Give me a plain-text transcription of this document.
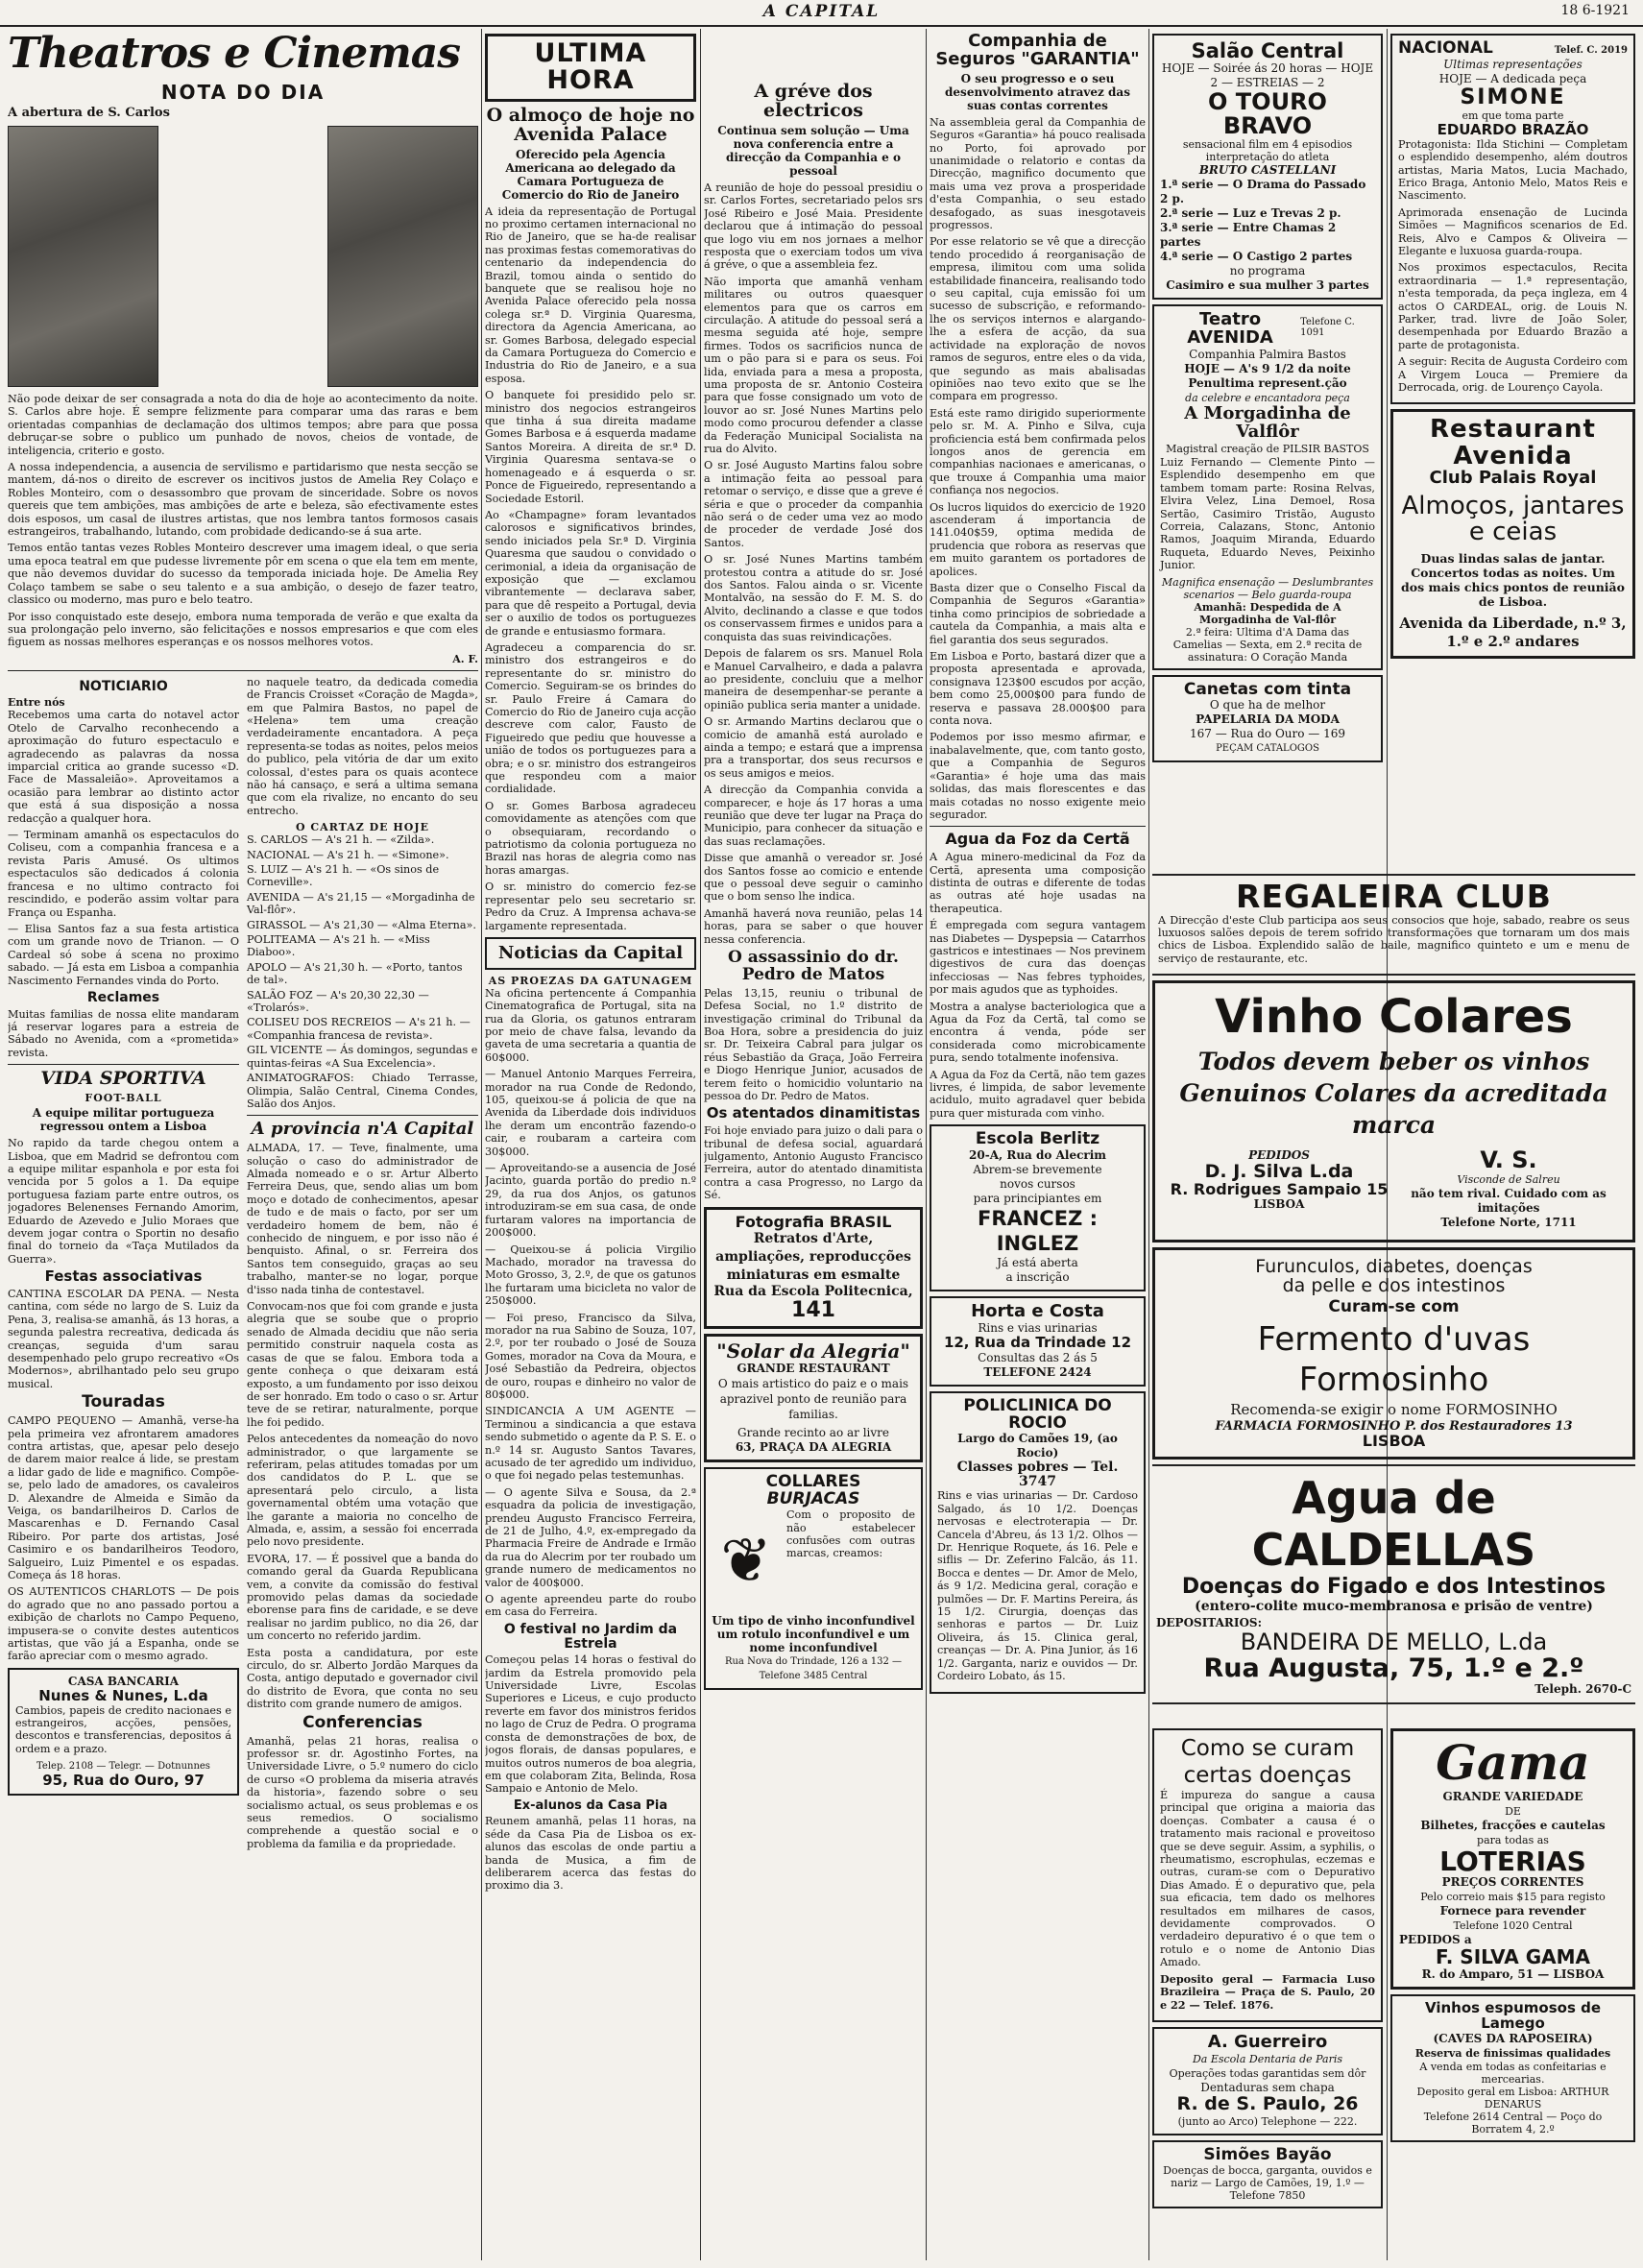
A CAPITAL	18 6-1921
Theatros e Cinemas
NOTA DO DIA
A abertura de S. Carlos

Não pode deixar de ser consagrada a nota do dia de hoje ao acontecimento da noite. S. Carlos abre hoje. É sempre felizmente para comparar uma das raras e bem orientadas companhias de declamação dos ultimos tempos; abre para que possa debruçar-se sobre o publico um punhado de novos, cheios de vontade, de inteligencia, criterio e gosto.

A nossa independencia, a ausencia de servilismo e partidarismo que nesta secção se mantem, dá-nos o direito de escrever os incitivos justos de Amelia Rey Colaço e Robles Monteiro, com o desassombro que provam de sinceridade. Sobre os novos quereis que tem ambições, mas ambições de arte e beleza, são efectivamente estes dois esposos, um casal de ilustres artistas, que nos lembra tantos formosos casais estrangeiros, trabalhando, lutando, com probidade dedicando-se á sua arte.

Temos então tantas vezes Robles Monteiro descrever uma imagem ideal, o que seria uma epoca teatral em que pudesse livremente pôr em scena o que ela tem em mente, que não devemos duvidar do sucesso da temporada iniciada hoje. De Amelia Rey Colaço tambem se sabe o seu talento e a sua ambição, o desejo de fazer teatro, classico ou moderno, mas puro e belo teatro.

Por isso conquistado este desejo, embora numa temporada de verão e que exalta da sua prolongação pelo inverno, são felicitações e nossos empresarios e que com eles figuem as nossas melhores esperanças e os nossos melhores votos.

A. F.
NOTICIARIO
Entre nós

Recebemos uma carta do notavel actor Otelo de Carvalho reconhecendo a aproximação do futuro espectaculo e agradecendo as palavras da nossa imparcial critica ao grande sucesso «D. Face de Massaleião». Aproveitamos a ocasião para lembrar ao distinto actor que está á sua disposição a nossa redacção a qualquer hora.

— Terminam amanhã os espectaculos do Coliseu, com a companhia francesa e a revista Paris Amusé. Os ultimos espectaculos são dedicados á colonia francesa e no ultimo contracto foi rescindido, e poderão assim voltar para França ou Espanha.

— Elisa Santos faz a sua festa artistica com um grande novo de Trianon. — O Cardeal só sobe á scena no proximo sabado. — Já esta em Lisboa a companhia Nascimento Fernandes vinda do Porto.

Reclames

Muitas familias de nossa elite mandaram já reservar logares para a estreia de Sábado no Avenida, com a «prometida» revista.

VIDA SPORTIVA
FOOT-BALL
A equipe militar portugueza regressou ontem a Lisboa

No rapido da tarde chegou ontem a Lisboa, que em Madrid se defrontou com a equipe militar espanhola e por esta foi vencida por 5 golos a 1. Da equipe portuguesa faziam parte entre outros, os jogadores Belenenses Fernando Amorim, Eduardo de Azevedo e Julio Moraes que devem jogar contra o Sportin no desafio final do torneio da «Taça Mutilados da Guerra».

Festas associativas

CANTINA ESCOLAR DA PENA. — Nesta cantina, com séde no largo de S. Luiz da Pena, 3, realisa-se amanhã, ás 13 horas, a segunda palestra recreativa, dedicada ás creanças, seguida d'um sarau desempenhado pelo grupo recreativo «Os Modernos», abrilhantado pelo seu grupo musical.

Touradas

CAMPO PEQUENO — Amanhã, verse-ha pela primeira vez afrontarem amadores contra artistas, que, apesar pelo desejo de darem maior realce á lide, se prestam a lidar gado de lide e magnifico. Compõe-se, pelo lado de amadores, os cavaleiros D. Alexandre de Almeida e Simão da Veiga, os bandarilheiros D. Carlos de Mascarenhas e D. Fernando Casal Ribeiro. Por parte dos artistas, José Casimiro e os bandarilheiros Teodoro, Salgueiro, Luiz Pimentel e os espadas. Começa ás 18 horas.

OS AUTENTICOS CHARLOTS — De pois do agrado que no ano passado portou a exibição de charlots no Campo Pequeno, impusera-se o convite destes autenticos artistas, que vão já a Espanha, onde se farão apreciar com o mesmo agrado.

CASA BANCARIA
Nunes & Nunes, L.da

Cambios, papeis de credito nacionaes e estrangeiros, acções, pensões, descontos e transferencias, depositos á ordem e a prazo.

Telep. 2108 — Telegr. — Dotnunnes
95, Rua do Ouro, 97

no naquele teatro, da dedicada comedia de Francis Croisset «Coração de Magda», em que Palmira Bastos, no papel de «Helena» tem uma creação verdadeiramente encantadora. A peça representa-se todas as noites, pelos meios do publico, pela vitória de dar um exito colossal, d'estes para os quais acontece não há cansaço, e será a ultima semana que com ela rivalize, no encanto do seu entrecho.

O CARTAZ DE HOJE
S. CARLOS — A's 21 h. — «Zilda».
NACIONAL — A's 21 h. — «Simone».
S. LUIZ — A's 21 h. — «Os sinos de Corneville».
AVENIDA — A's 21,15 — «Morgadinha de Val-flôr».
GIRASSOL — A's 21,30 — «Alma Eterna».
POLITEAMA — A's 21 h. — «Miss Diaboo».
APOLO — A's 21,30 h. — «Porto, tantos de tal».
SALÃO FOZ — A's 20,30 22,30 — «Trolarós».
COLISEU DOS RECREIOS — A's 21 h. — «Companhia francesa de revista».
GIL VICENTE — Ás domingos, segundas e quintas-feiras «A Sua Excelencia».

ANIMATOGRAFOS: Chiado Terrasse, Olimpia, Salão Central, Cinema Condes, Salão dos Anjos.

A provincia n'A Capital

ALMADA, 17. — Teve, finalmente, uma solução o caso do administrador de Almada nomeado e o sr. Artur Alberto Ferreira Deus, que, sendo alias um bom moço e dotado de conhecimentos, apesar de tudo e de mais o facto, por ser um verdadeiro homem de bem, não é conhecido de ninguem, e por isso não é benquisto. Afinal, o sr. Ferreira dos Santos tem conseguido, graças ao seu trabalho, manter-se no logar, porque d'isso nada tinha de contestavel.

Convocam-nos que foi com grande e justa alegria que se soube que o proprio senado de Almada decidiu que não seria permitido construir naquela costa as casas de que se falou. Embora toda a gente conheça o que deixaram está exposto, a um fundamento por isso deixou de ser honrado. Em todo o caso o sr. Artur teve de se retirar, naturalmente, porque lhe foi pedido.

Pelos antecedentes da nomeação do novo administrador, o que largamente se referiram, pelas atitudes tomadas por um dos candidatos do P. L. que se apresentará pelo circulo, a lista governamental obtém uma votação que lhe garante a maioria no concelho de Almada, e, assim, a sessão foi encerrada pelo novo presidente.

EVORA, 17. — É possivel que a banda do comando geral da Guarda Republicana vem, a convite da comissão do festival promovido pelas damas da sociedade eborense para fins de caridade, e se deve realisar no jardim publico, no dia 26, dar um concerto no referido jardim.

Esta posta a candidatura, por este circulo, do sr. Alberto Jordão Marques da Costa, antigo deputado e governador civil do distrito de Evora, que conta no seu distrito com grande numero de amigos.

Conferencias

Amanhã, pelas 21 horas, realisa o professor sr. dr. Agostinho Fortes, na Universidade Livre, o 5.º numero do ciclo de curso «O problema da miseria através da historia», fazendo sobre o seu socialismo actual, os seus problemas e os seus remedios. O socialismo comprehende a questão social e o problema da familia e da propriedade.

ULTIMA HORA
O almoço de hoje no Avenida Palace
Oferecido pela Agencia Americana ao delegado da Camara Portugueza de Comercio do Rio de Janeiro

A ideia da representação de Portugal no proximo certamen internacional no Rio de Janeiro, que se ha-de realisar nas proximas festas comemorativas do centenario da independencia do Brazil, tomou ainda o sentido do banquete que se realisou hoje no Avenida Palace oferecido pela nossa colega sr.ª D. Virginia Quaresma, directora da Agencia Americana, ao sr. Gomes Barbosa, delegado especial da Camara Portugueza do Comercio e Industria do Rio de Janeiro, e a sua esposa.

O banquete foi presidido pelo sr. ministro dos negocios estrangeiros que tinha á sua direita madame Gomes Barbosa e á esquerda madame Santos Moreira. A direita de sr.ª D. Virginia Quaresma sentava-se o homenageado e á esquerda o sr. Ponce de Figueiredo, representando a Sociedade Estoril.

Ao «Champagne» foram levantados calorosos e significativos brindes, sendo iniciados pela Sr.ª D. Virginia Quaresma que saudou o convidado o cerimonial, a ideia da organisação de exposição que — exclamou vibrantemente — declarava saber, para que dê respeito a Portugal, devia ser o auxilio de todos os portuguezes de grande e entusiasmo formara.

Agradeceu a comparencia do sr. ministro dos estrangeiros e do representante do sr. ministro do Comercio. Seguiram-se os brindes do sr. Paulo Freire á Camara do Comercio do Rio de Janeiro cuja acção descreve com calor, Fausto de Figueiredo que pediu que houvesse a união de todos os portuguezes para a obra; e o sr. ministro dos estrangeiros que respondeu com a maior cordialidade.

O sr. Gomes Barbosa agradeceu comovidamente as atenções com que o obsequiaram, recordando o patriotismo da colonia portugueza no Brazil nas horas de alegria como nas horas amargas.

O sr. ministro do comercio fez-se representar pelo seu secretario sr. Pedro da Cruz. A Imprensa achava-se largamente representada.

Noticias da Capital
AS PROEZAS DA GATUNAGEM

Na oficina pertencente á Companhia Cinematografica de Portugal, sita na rua da Gloria, os gatunos entraram por meio de chave falsa, levando da gaveta de uma secretaria a quantia de 60$000.

— Manuel Antonio Marques Ferreira, morador na rua Conde de Redondo, 105, queixou-se á policia de que na Avenida da Liberdade dois individuos lhe deram um encontrão fazendo-o cair, e roubaram a carteira com 30$000.

— Aproveitando-se a ausencia de José Jacinto, guarda portão do predio n.º 29, da rua dos Anjos, os gatunos introduziram-se em sua casa, de onde furtaram valores na importancia de 200$000.

— Queixou-se á policia Virgilio Machado, morador na travessa do Moto Grosso, 3, 2.º, de que os gatunos lhe furtaram uma bicicleta no valor de 250$000.

— Foi preso, Francisco da Silva, morador na rua Sabino de Souza, 107, 2.º, por ter roubado o José de Souza Gomes, morador na Cova da Moura, e José Sebastião da Pedreira, objectos de ouro, roupas e dinheiro no valor de 80$000.

SINDICANCIA A UM AGENTE — Terminou a sindicancia a que estava sendo submetido o agente da P. S. E. o n.º 14 sr. Augusto Santos Tavares, acusado de ter agredido um individuo, o que foi negado pelas testemunhas.

— O agente Silva e Sousa, da 2.ª esquadra da policia de investigação, prendeu Augusto Francisco Ferreira, de 21 de Julho, 4.º, ex-empregado da Pharmacia Freire de Andrade e Irmão da rua do Alecrim por ter roubado um grande numero de medicamentos no valor de 400$000.

O agente apreendeu parte do roubo em casa do Ferreira.

O festival no Jardim da Estrela

Começou pelas 14 horas o festival do jardim da Estrela promovido pela Universidade Livre, Escolas Superiores e Liceus, e cujo producto reverte em favor dos ministros feridos no lago de Cruz de Pedra. O programa consta de demonstrações de box, de jogos florais, de dansas populares, e muitos outros numeros de boa alegria, em que colaboram Zita, Belinda, Rosa Sampaio e Antonio de Melo.

Ex-alunos da Casa Pia

Reunem amanhã, pelas 11 horas, na séde da Casa Pia de Lisboa os ex-alunos das escolas de onde partiu a banda de Musica, a fim de deliberarem acerca das festas do proximo dia 3.

A gréve dos electricos
Continua sem solução — Uma nova conferencia entre a direcção da Companhia e o pessoal

A reunião de hoje do pessoal presidiu o sr. Carlos Fortes, secretariado pelos srs José Ribeiro e José Maia. Presidente declarou que á intimação do pessoal que logo viu em nos jornaes a melhor resposta que o exerciam todos um viva á gréve, o que a assembleia fez.

Não importa que amanhã venham militares ou outros quaesquer elementos para que os carros em circulação. A atitude do pessoal será a mesma seguida até hoje, sempre firmes. Todos os sacrificios nunca de um o pão para si e para os seus. Foi lida, enviada para a mesa a proposta, uma proposta de sr. Antonio Costeira para que fosse consignado um voto de louvor ao sr. José Nunes Martins pelo modo como procurou defender a classe da Federação Municipal Socialista na rua do Alvito.

O sr. José Augusto Martins falou sobre a intimação feita ao pessoal para retomar o serviço, e disse que a greve é séria e que o proceder da companhia não será o de ceder uma vez ao modo de proceder de verdade José dos Santos.

O sr. José Nunes Martins também protestou contra a atitude do sr. José dos Santos. Falou ainda o sr. Vicente Montalvão, na sessão do F. M. S. do Alvito, declinando a classe e que todos os conservassem firmes e unidos para a conquista das suas reivindicações.

Depois de falarem os srs. Manuel Rola e Manuel Carvalheiro, e dada a palavra ao presidente, concluiu que a melhor maneira de desempenhar-se perante a opinião publica seria manter a unidade.

O sr. Armando Martins declarou que o comicio de amanhã está aurolado e ainda a tempo; e estará que a imprensa pra a transportar, dos seus recursos e os seus amigos e meios.

A direcção da Companhia convida a comparecer, e hoje ás 17 horas a uma reunião que deve ter lugar na Praça do Municipio, para conhecer da situação e das suas reclamações.

Disse que amanhã o vereador sr. José dos Santos fosse ao comicio e entende que o pessoal deve seguir o caminho que o bom senso lhe indica.

Amanhã haverá nova reunião, pelas 14 horas, para se saber o que houver nessa conferencia.

O assassinio do dr. Pedro de Matos

Pelas 13,15, reuniu o tribunal de Defesa Social, no 1.º distrito de investigação criminal do Tribunal da Boa Hora, sobre a presidencia do juiz sr. Dr. Teixeira Cabral para julgar os réus Sebastião da Graça, João Ferreira e Diogo Henrique Junior, acusados de terem feito o homicidio voluntario na pessoa do Dr. Pedro de Matos.

Os atentados dinamitistas

Foi hoje enviado para juizo o dali para o tribunal de defesa social, aguardará julgamento, Antonio Augusto Francisco Ferreira, autor do atentado dinamitista contra a casa Progresso, no Largo da Sé.

Fotografia BRASIL
Retratos d'Arte, ampliações, reproducções miniaturas em esmalte
Rua da Escola Politecnica,
141
"Solar da Alegria"
GRANDE RESTAURANT

O mais artistico do paiz e o mais aprazivel ponto de reunião para familias.

Grande recinto ao ar livre
63, PRAÇA DA ALEGRIA
COLLARES
BURJACAS
❦

Com o proposito de não estabelecer confusões com outras marcas, creamos:

Um tipo de vinho inconfundivel um rotulo inconfundivel e um nome inconfundivel
Rua Nova do Trindade, 126 a 132 — Telefone 3485 Central
Companhia de Seguros "GARANTIA"
O seu progresso e o seu desenvolvimento atravez das suas contas correntes

Na assembleia geral da Companhia de Seguros «Garantia» há pouco realisada no Porto, foi aprovado por unanimidade o relatorio e contas da Direcção, magnifico documento que mais uma vez prova a prosperidade d'esta Companhia, o seu estado desafogado, as suas inesgotaveis progressos.

Por esse relatorio se vê que a direcção tendo procedido á reorganisação de empresa, ilimitou com uma solida estabilidade financeira, realisando todo o seu capital, cuja emissão foi um sucesso de subscrição, e reformando-lhe os serviços internos e alargando-lhe a esfera de acção, da sua actividade na exploração de novos ramos de seguros, entre eles o da vida, que segundo as mais abalisadas opiniões nao tevo exito que se lhe compara em progresso.

Está este ramo dirigido superiormente pelo sr. M. A. Pinho e Silva, cuja proficiencia está bem confirmada pelos longos anos de gerencia em companhias nacionaes e americanas, o que trouxe á Companhia uma maior confiança nos negocios.

Os lucros liquidos do exercicio de 1920 ascenderam á importancia de 141.040$59, optima medida de prudencia que robora as reservas que em muito garantem os portadores de apolices.

Basta dizer que o Conselho Fiscal da Companhia de Seguros «Garantia» tinha como principios de sobriedade a cautela da Companhia, a mais alta e fiel garantia dos seus segurados.

Em Lisboa e Porto, bastará dizer que a proposta apresentada e aprovada, consignava 123$00 escudos por acção, bem como 25,000$00 para fundo de reserva e passava 28.000$00 para conta nova.

Podemos por isso mesmo afirmar, e inabalavelmente, que, com tanto gosto, que a Companhia de Seguros «Garantia» é hoje uma das mais solidas, das mais florescentes e das mais cotadas no nosso exigente meio segurador.

Agua da Foz da Certã

A Agua minero-medicinal da Foz da Certã, apresenta uma composição distinta de outras e diferente de todas as outras até hoje usadas na therapeutica.

É empregada com segura vantagem nas Diabetes — Dyspepsia — Catarrhos gastricos e intestinaes — Nos previnem digestivos de cura das doenças infecciosas — Nas febres typhoides, por mais agudos que as typhoides.

Mostra a analyse bacteriologica que a Agua da Foz da Certã, tal como se encontra á venda, póde ser considerada como microbicamente pura, sendo totalmente inofensiva.

A Agua da Foz da Certã, não tem gazes livres, é limpida, de sabor levemente acidulo, muito agradavel quer bebida pura quer misturada com vinho.

Escola Berlitz
20-A, Rua do Alecrim
Abrem-se brevemente
novos cursos
para principiantes em
FRANCEZ : INGLEZ
Já está aberta
a inscrição
Horta e Costa
Rins e vias urinarias
12, Rua da Trindade 12
Consultas das 2 ás 5
TELEFONE 2424
POLICLINICA DO ROCIO
Largo do Camões 19, (ao Rocio)
Classes pobres — Tel. 3747

Rins e vias urinarias — Dr. Cardoso Salgado, ás 10 1/2. Doenças nervosas e electroterapia — Dr. Cancela d'Abreu, ás 13 1/2. Olhos — Dr. Henrique Roquete, ás 16. Pele e siflis — Dr. Zeferino Falcão, ás 11. Bocca e dentes — Dr. Amor de Melo, ás 9 1/2. Medicina geral, coração e pulmões — Dr. F. Martins Pereira, ás 15 1/2. Cirurgia, doenças das senhoras e partos — Dr. Luiz Oliveira, ás 15. Clinica geral, creanças — Dr. A. Pina Junior, ás 16 1/2. Garganta, nariz e ouvidos — Dr. Cordeiro Lobato, ás 15.

Salão Central
HOJE — Soirée ás 20 horas — HOJE
2 — ESTREIAS — 2
O TOURO BRAVO
sensacional film em 4 episodios interpretação do atleta
BRUTO CASTELLANI
1.ª serie — O Drama do Passado 2 p.
2.ª serie — Luz e Trevas 2 p.
3.ª serie — Entre Chamas 2 partes
4.ª serie — O Castigo 2 partes
no programa
Casimiro e sua mulher 3 partes
Teatro AVENIDA
Telefone C. 1091
Companhia Palmira Bastos
HOJE — A's 9 1/2 da noite
Penultima represent.ção
da celebre e encantadora peça
A Morgadinha de Valflôr
Magistral creação de PILSIR BASTOS

Luiz Fernando — Clemente Pinto — Esplendido desempenho em que tambem tomam parte: Rosina Relvas, Elvira Velez, Lina Demoel, Rosa Sertão, Casimiro Tristão, Augusto Correia, Calazans, Stonc, Antonio Ramos, Joaquim Miranda, Eduardo Ruqueta, Eduardo Neves, Peixinho Junior.

Magnifica ensenação — Deslumbrantes scenarios — Belo guarda-roupa
Amanhã: Despedida de A Morgadinha de Val-flôr
2.ª feira: Ultima d'A Dama das Camelias — Sexta, em 2.ª recita de assinatura: O Coração Manda
Canetas com tinta
O que ha de melhor
PAPELARIA DA MODA
167 — Rua do Ouro — 169
PEÇAM CATALOGOS
NACIONAL	Telef. C. 2019
Ultimas representações
HOJE — A dedicada peça
SIMONE
em que toma parte
EDUARDO BRAZÃO

Protagonista: Ilda Stichini — Completam o esplendido desempenho, além doutros artistas, Maria Matos, Lucia Machado, Erico Braga, Antonio Melo, Matos Reis e Nascimento.

Aprimorada ensenação de Lucinda Simões — Magnificos scenarios de Ed. Reis, Alvo e Campos & Oliveira — Elegante e luxuosa guarda-roupa.

Nos proximos espectaculos, Recita extraordinaria — 1.ª representação, n'esta temporada, da peça ingleza, em 4 actos O CARDEAL, orig. de Louis N. Parker, trad. livre de João Soler, desempenhada por Eduardo Brazão a parte de protagonista.

A seguir: Recita de Augusta Cordeiro com A Virgem Louca — Premiere da Derrocada, orig. de Lourenço Cayola.

Restaurant Avenida
Club Palais Royal
Almoços, jantares e ceias
Duas lindas salas de jantar. Concertos todas as noites. Um dos mais chics pontos de reunião de Lisboa.
Avenida da Liberdade, n.º 3, 1.º e 2.º andares
REGALEIRA CLUB

A Direcção d'este Club participa aos seus consocios que hoje, sabado, reabre os seus luxuosos salões depois de terem sofrido transformações que tornaram um dos mais chics de Lisboa. Explendido salão de baile, magnifico quinteto e um e menu de serviço de restaurante, etc.

Vinho Colares
Todos devem beber os vinhos Genuinos Colares da acreditada marca
PEDIDOS
D. J. Silva L.da
R. Rodrigues Sampaio 15
LISBOA
V. S.
Visconde de Salreu
não tem rival. Cuidado com as imitações
Telefone Norte, 1711
Furunculos, diabetes, doenças
da pelle e dos intestinos
Curam-se com
Fermento d'uvas Formosinho
Recomenda-se exigir o nome FORMOSINHO
FARMACIA FORMOSINHO P. dos Restauradores 13
LISBOA
Agua de CALDELLAS
Doenças do Figado e dos Intestinos
(entero-colite muco-membranosa e prisão de ventre)
DEPOSITARIOS:
BANDEIRA DE MELLO, L.da
Rua Augusta, 75, 1.º e 2.º
Teleph. 2670-C
Como se curam certas doenças

É impureza do sangue a causa principal que origina a maioria das doenças. Combater a causa é o tratamento mais racional e proveitoso que se deve seguir. Assim, a syphilis, o rheumatismo, escrophulas, eczemas e outras, curam-se com o Depurativo Dias Amado. É o depurativo que, pela sua eficacia, tem dado os melhores resultados em milhares de casos, devidamente comprovados. O verdadeiro depurativo é o que tem o rotulo e o nome de Antonio Dias Amado.

Deposito geral — Farmacia Luso Brazileira — Praça de S. Paulo, 20 e 22 — Telef. 1876.

A. Guerreiro
Da Escola Dentaria de Paris
Operações todas garantidas sem dôr
Dentaduras sem chapa
R. de S. Paulo, 26
(junto ao Arco) Telephone — 222.
Simões Bayão
Doenças de bocca, garganta, ouvidos e nariz — Largo de Camões, 19, 1.º — Telefone 7850
Gama
GRANDE VARIEDADE
DE
Bilhetes, fracções e cautelas
para todas as
LOTERIAS
PREÇOS CORRENTES
Pelo correio mais $15 para registo
Fornece para revender
Telefone 1020 Central
PEDIDOS a
F. SILVA GAMA
R. do Amparo, 51 — LISBOA
Vinhos espumosos de Lamego
(CAVES DA RAPOSEIRA)
Reserva de finissimas qualidades
A venda em todas as confeitarias e mercearias.
Deposito geral em Lisboa: ARTHUR DENARUS
Telefone 2614 Central — Poço do Borratem 4, 2.º
